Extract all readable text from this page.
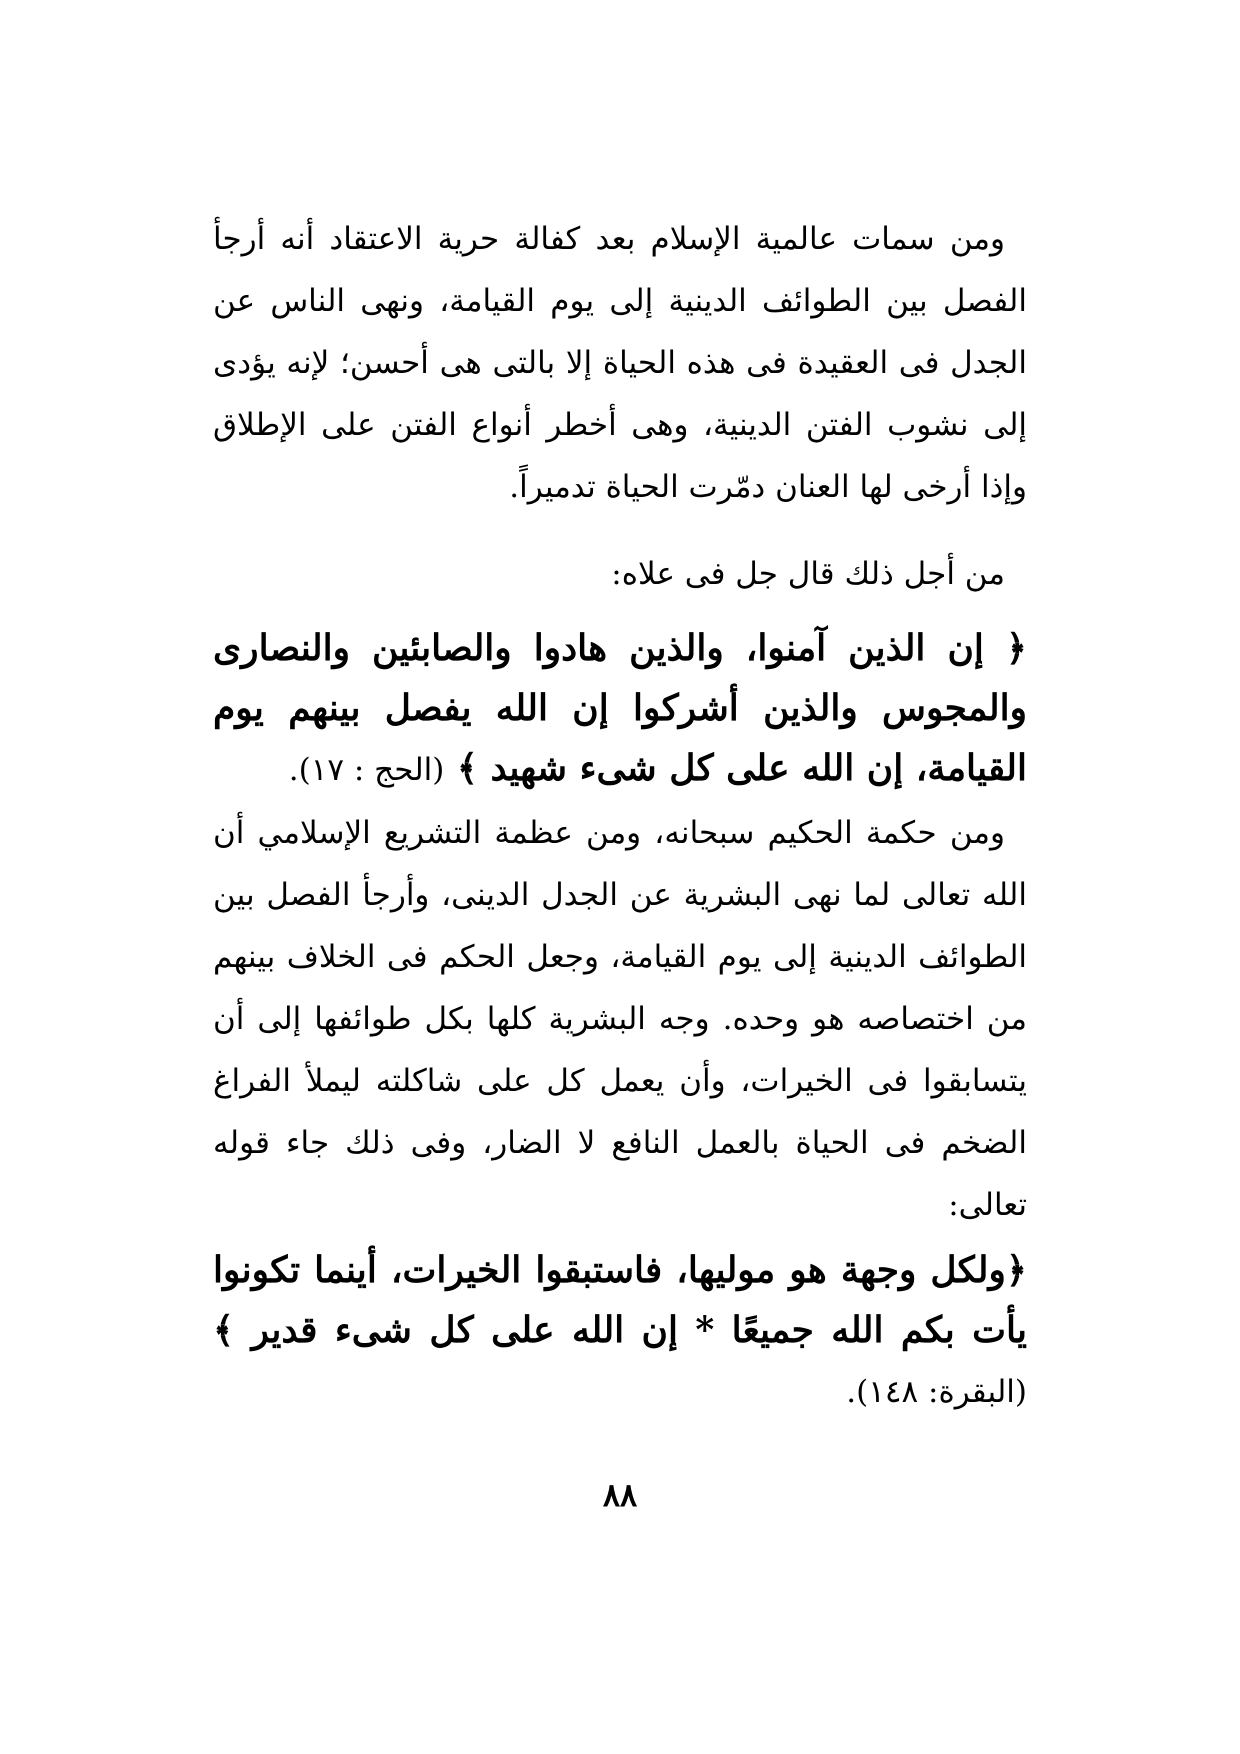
ومن سمات عالمية الإسلام بعد كفالة حرية الاعتقاد أنه أرجأ الفصل بين الطوائف الدينية إلى يوم القيامة، ونهى الناس عن الجدل فى العقيدة فى هذه الحياة إلا بالتى هى أحسن؛ لإنه يؤدى إلى نشوب الفتن الدينية، وهى أخطر أنواع الفتن على الإطلاق وإذا أرخى لها العنان دمّرت الحياة تدميراً.

من أجل ذلك قال جل فى علاه:

﴿ إن الذين آمنوا، والذين هادوا والصابئين والنصارى والمجوس والذين أشركوا إن الله يفصل بينهم يوم القيامة، إن الله على كل شىء شهيد ﴾ (الحج : ١٧).

ومن حكمة الحكيم سبحانه، ومن عظمة التشريع الإسلامي أن الله تعالى لما نهى البشرية عن الجدل الدينى، وأرجأ الفصل بين الطوائف الدينية إلى يوم القيامة، وجعل الحكم فى الخلاف بينهم من اختصاصه هو وحده. وجه البشرية كلها بكل طوائفها إلى أن يتسابقوا فى الخيرات، وأن يعمل كل على شاكلته ليملأ الفراغ الضخم فى الحياة بالعمل النافع لا الضار، وفى ذلك جاء قوله تعالى:

﴿ولكل وجهة هو موليها، فاستبقوا الخيرات، أينما تكونوا يأت بكم الله جميعًا * إن الله على كل شىء قدير ﴾ (البقرة: ١٤٨).

٨٨
